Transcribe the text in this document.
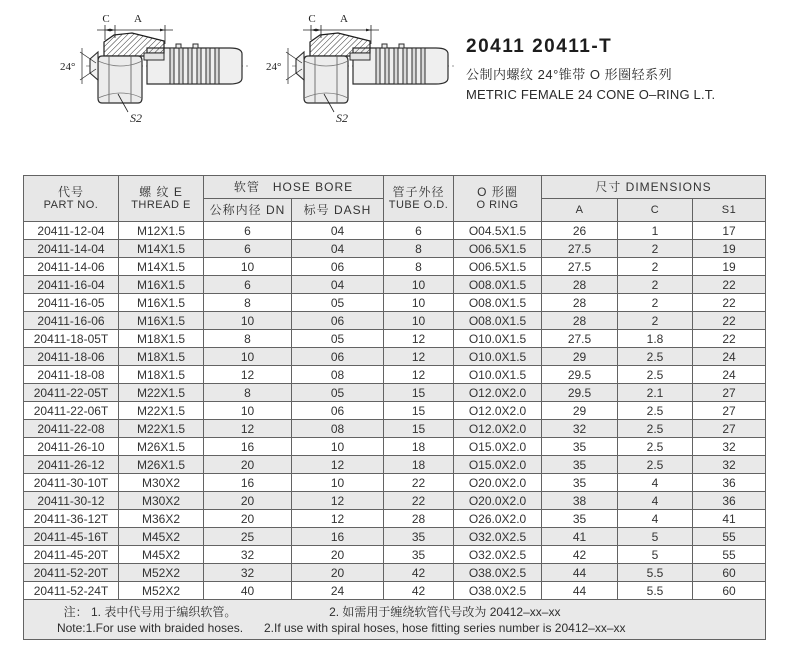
C A
24°
S2
C A
24°
S2
20411 20411-T
公制内螺纹 24°锥带 O 形圈轻系列
METRIC FEMALE 24 CONE O–RING L.T.
代号
PART NO.

螺 纹 E
THREAD E

软管　HOSE BORE	管子外径
TUBE O.D.

O 形圈
O RING

尺寸 DIMENSIONS

		公称内径 DN	标号 DASH			A	C	S1

20411-12-04	M12X1.5	6	04	6	O04.5X1.5	26	1	17
20411-14-04	M14X1.5	6	04	8	O06.5X1.5	27.5	2	19
20411-14-06	M14X1.5	10	06	8	O06.5X1.5	27.5	2	19
20411-16-04	M16X1.5	6	04	10	O08.0X1.5	28	2	22
20411-16-05	M16X1.5	8	05	10	O08.0X1.5	28	2	22
20411-16-06	M16X1.5	10	06	10	O08.0X1.5	28	2	22
20411-18-05T	M18X1.5	8	05	12	O10.0X1.5	27.5	1.8	22
20411-18-06	M18X1.5	10	06	12	O10.0X1.5	29	2.5	24
20411-18-08	M18X1.5	12	08	12	O10.0X1.5	29.5	2.5	24
20411-22-05T	M22X1.5	8	05	15	O12.0X2.0	29.5	2.1	27
20411-22-06T	M22X1.5	10	06	15	O12.0X2.0	29	2.5	27
20411-22-08	M22X1.5	12	08	15	O12.0X2.0	32	2.5	27
20411-26-10	M26X1.5	16	10	18	O15.0X2.0	35	2.5	32
20411-26-12	M26X1.5	20	12	18	O15.0X2.0	35	2.5	32
20411-30-10T	M30X2	16	10	22	O20.0X2.0	35	4	36
20411-30-12	M30X2	20	12	22	O20.0X2.0	38	4	36
20411-36-12T	M36X2	20	12	28	O26.0X2.0	35	4	41
20411-45-16T	M45X2	25	16	35	O32.0X2.5	41	5	55
20411-45-20T	M45X2	32	20	35	O32.0X2.5	42	5	55
20411-52-20T	M52X2	32	20	42	O38.0X2.5	44	5.5	60
20411-52-24T	M52X2	40	24	42	O38.0X2.5	44	5.5	60

注： 1. 表中代号用于编织软管。
Note:1.For use with braided hoses.
2. 如需用于缠绕软管代号改为 20412–xx–xx
2.If use with spiral hoses, hose fitting series number is 20412–xx–xx								
